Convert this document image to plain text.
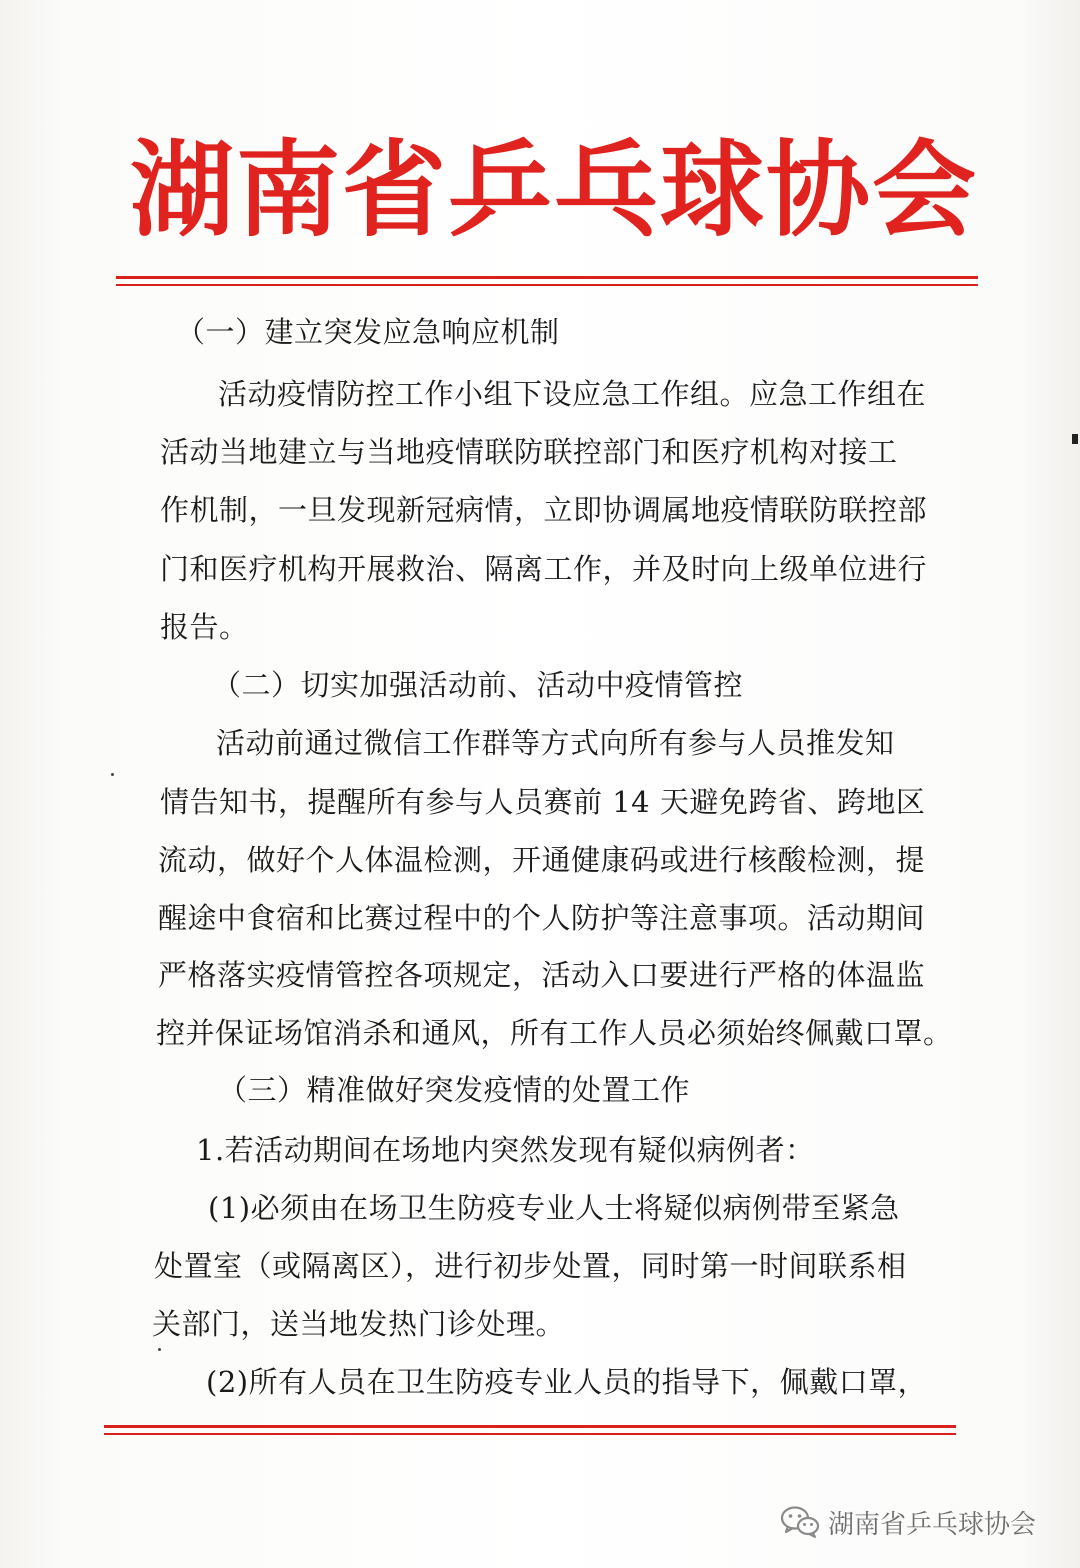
湖南省乒乓球协会
（一）建立突发应急响应机制
活动疫情防控工作小组下设应急工作组。应急工作组在
活动当地建立与当地疫情联防联控部门和医疗机构对接工
作机制，一旦发现新冠病情，立即协调属地疫情联防联控部
门和医疗机构开展救治、隔离工作，并及时向上级单位进行
报告。
（二）切实加强活动前、活动中疫情管控
活动前通过微信工作群等方式向所有参与人员推发知
情告知书，提醒所有参与人员赛前 14 天避免跨省、跨地区
流动，做好个人体温检测，开通健康码或进行核酸检测，提
醒途中食宿和比赛过程中的个人防护等注意事项。活动期间
严格落实疫情管控各项规定，活动入口要进行严格的体温监
控并保证场馆消杀和通风，所有工作人员必须始终佩戴口罩。
（三）精准做好突发疫情的处置工作
1.若活动期间在场地内突然发现有疑似病例者：
(1)必须由在场卫生防疫专业人士将疑似病例带至紧急
处置室（或隔离区），进行初步处置，同时第一时间联系相
关部门，送当地发热门诊处理。
(2)所有人员在卫生防疫专业人员的指导下，佩戴口罩，
湖南省乒乓球协会
